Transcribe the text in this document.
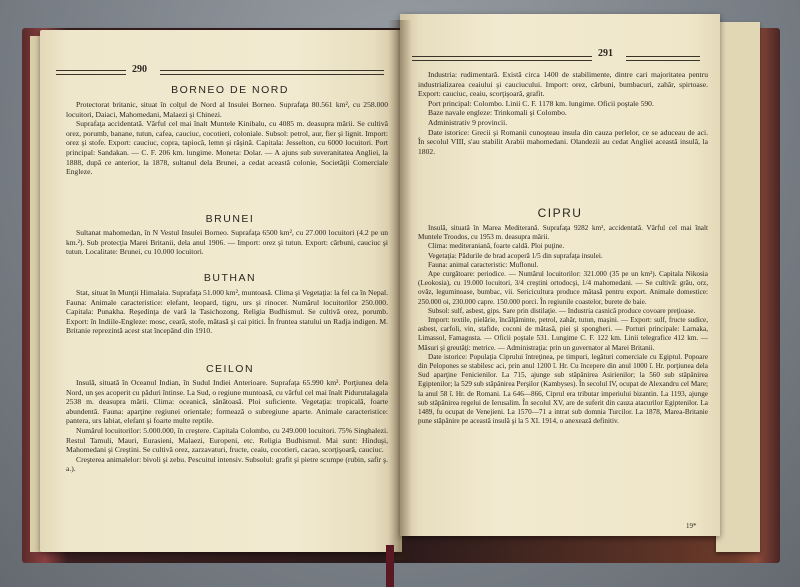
290
BORNEO DE NORD

Protectorat britanic, situat în colţul de Nord al Insulei Borneo. Suprafaţa 80.561 km², cu 258.000 locuitori, Daiaci, Mahomedani, Malaezi şi Chinezi.

Suprafaţa accidentată. Vârful cel mai înalt Muntele Kinibalu, cu 4085 m. deasupra mării. Se cultivă orez, porumb, banane, tutun, cafea, cauciuc, cocotieri, coloniale. Subsol: petrol, aur, fier şi lignit. Import: orez şi stofe. Export: cauciuc, copra, tapiocă, lemn şi răşină. Capitala: Jesselton, cu 6000 locuitori. Port principal: Sandakan. — C. F. 206 km. lungime. Moneta: Dolar. — A ajuns sub suveranitatea Angliei, la 1888, după ce anterior, la 1878, sultanul dela Brunei, a cedat această colonie, Societăţii Comerciale Engleze.

BRUNEI

Sultanat mahomedan, în N Vestul Insulei Borneo. Suprafaţa 6500 km², cu 27.000 locuitori (4.2 pe un km.²). Sub protecţia Marei Britanii, dela anul 1906. — Import: orez şi tutun. Export: cărbuni, cauciuc şi tutun. Localitate: Brunei, cu 10.000 locuitori.

BUTHAN

Stat, situat în Munţii Himalaia. Suprafaţa 51.000 km², muntoasă. Clima şi Vegetaţia: la fel ca în Nepal. Fauna: Animale caracteristice: elefant, leopard, tigru, urs şi rinocer. Numărul locuitorilor 250.000. Capitala: Punakha. Reşedinţa de vară la Tasichozong. Religia Budhismul. Se cultivă orez, porumb. Export: în Indiile-Engleze: mosc, ceară, stofe, mătasă şi cai pitici. În fruntea statului un Radja indigen. M. Britanie reprezintă acest stat începând din 1910.

CEILON

Insulă, situată în Oceanul Indian, în Sudul Indiei Anterioare. Suprafaţa 65.990 km². Porţiunea dela Nord, un şes acoperit cu păduri întinse. La Sud, o regiune muntoasă, cu vârful cel mai înalt Pidurutalagala 2538 m. deasupra mării. Clima: oceanică, sănătoasă. Ploi suficiente. Vegetaţia: tropicală, foarte abundentă. Fauna: aparţine regiunei orientale; formează o subregiune aparte. Animale caracteristice: pantera, urs labiat, elefant şi foarte multe reptile.

Numărul locuitorilor: 5.000.000, în creştere. Capitala Colombo, cu 249.000 locuitori. 75% Singhalezi. Restul Tamuli, Mauri, Eurasieni, Malaezi, Europeni, etc. Religia Budhismul. Mai sunt: Hinduşi, Mahomedani şi Creştini. Se cultivă orez, zarzavaturi, fructe, ceaiu, cocotieri, cacao, scorţişoară, cauciuc.

Creşterea animalelor: bivoli şi zebu. Pescuitul intensiv. Subsolul: grafit şi pietre scumpe (rubin, safir ş. a.).

291

Industria: rudimentară. Există circa 1400 de stabilimente, dintre cari majoritatea pentru industrializarea ceaiului şi cauciucului. Import: orez, cărbuni, bumbacuri, zahăr, spirtoase. Export: cauciuc, ceaiu, scorţişoară, grafit.

Port principal: Colombo. Linii C. F. 1178 km. lungime. Oficii poştale 590.

Baze navale engleze: Trinkomali şi Colombo.

Administrativ 9 provincii.

Date istorice: Grecii şi Romanii cunoşteau insula din cauza perlelor, ce se aduceau de aci. În secolul VIII, s'au stabilit Arabii mahomedani. Olandezii au cedat Angliei această insulă, la 1802.

CIPRU

Insulă, situată în Marea Mediterană. Suprafaţa 9282 km², accidentată. Vârful cel mai înalt Muntele Troodos, cu 1953 m. deasupra mării.

Clima: mediteraniană, foarte caldă. Ploi puţine.

Vegetaţia: Pădurile de brad acoperă 1/5 din suprafaţa insulei.

Fauna: animal caracteristic: Muflonul.

Ape curgătoare: periodice. — Numărul locuitorilor: 321.000 (35 pe un km²). Capitala Nikosia (Leokosia), cu 19.000 locuitori, 3/4 creştini ortodocşi, 1/4 mahomedani. — Se cultivă: grâu, orz, ovăz, leguminoase, bumbac, vii. Sericicultura produce mătasă pentru export. Animale domestice: 250.000 oi, 230.000 capre. 150.000 porci. În regiunile coastelor, burete de baie.

Subsol: sulf, asbest, gips. Sare prin distilaţie. — Industria casnică produce covoare preţioase.

Import: textile, pielărie, încălţăminte, petrol, zahăr, tutun, maşini. — Export: sulf, fructe sudice, asbest, carfoli, vin, stafide, coconi de mătasă, piei şi spongheri. — Porturi principale: Larnaka, Limassol, Famagusta. — Oficii poştale 531. Lungime C. F. 122 km. Linii telegrafice 412 km. — Măsuri şi greutăţi: metrice. — Administraţia: prin un guvernator al Marei Britanii.

Date istorice: Populaţia Ciprului întreţinea, pe timpuri, legături comerciale cu Egiptul. Popoare din Pelopones se stabilesc aci, prin anul 1200 î. Hr. Cu începere din anul 1000 î. Hr. porţiunea dela Sud aparţine Fenicienilor. La 715, ajunge sub stăpânirea Asirienilor; la 560 sub stăpânirea Egiptenilor; la 529 sub stăpânirea Perşilor (Kambyses). În secolul IV, ocupat de Alexandru cel Mare; la anul 58 î. Hr. de Romani. La 646—866, Ciprul era tributar imperiului bizantin. La 1193, ajunge sub stăpânirea regelui de Ierusalim. În secolul XV, are de suferit din cauza atacurilor Egiptenilor. La 1489, fu ocupat de Venejieni. La 1570—71 a intrat sub domnia Turcilor. La 1878, Marea-Britanie pune stăpânire pe această insulă şi la 5 XI. 1914, o anexează definitiv.

19*
